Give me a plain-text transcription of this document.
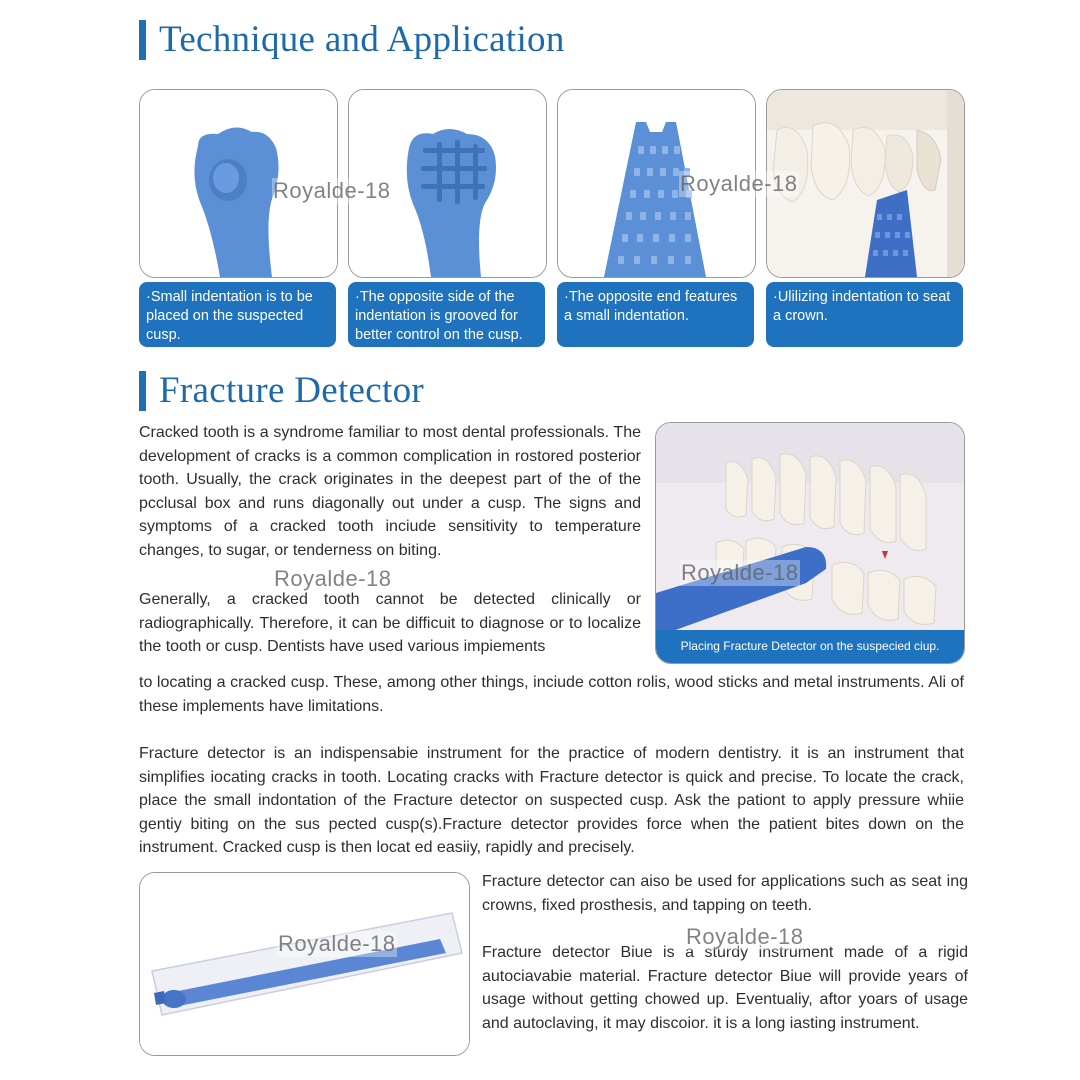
Technique and Application
·Small indentation is to be placed on the suspected cusp.
·The opposite side of the indentation is grooved for better control on the cusp.
·The opposite end features a small indentation.
·Ulilizing indentation to seat a crown.
Fracture Detector

Cracked tooth is a syndrome familiar to most dental professionals. The development of cracks is a common complication in rostored posterior tooth. Usually, the crack originates in the deepest part of the of the pcclusal box and runs diagonally out under a cusp. The signs and symptoms of a cracked tooth inciude sensitivity to temperature changes, to sugar, or tenderness on biting.

Generally, a cracked tooth cannot be detected clinically or radiographically. Therefore, it can be difficuit to diagnose or to localize the tooth or cusp. Dentists have used various impiements	Placing Fracture Detector on the suspecied ciup.

to locating a cracked cusp. These, among other things, inciude cotton rolis, wood sticks and metal instruments. Ali of these implements have limitations.

Fracture detector is an indispensabie instrument for the practice of modern dentistry. it is an instrument that simplifies iocating cracks in tooth. Locating cracks with Fracture detector is quick and precise. To locate the crack, place the small indontation of the Fracture detector on suspected cusp. Ask the pationt to apply pressure whiie gentiy biting on the sus pected cusp(s).Fracture detector provides force when the patient bites down on the instrument. Cracked cusp is then locat ed easiiy, rapidly and precisely.

Fracture detector can aiso be used for applications such as seat ing crowns, fixed prosthesis, and tapping on teeth.

Fracture detector Biue is a sturdy instrument made of a rigid autociavabie material. Fracture detector Biue will provide years of usage without getting chowed up. Eventualiy, aftor yoars of usage and autoclaving, it may discoior. it is a long iasting instrument.

Royalde-18	Royalde-18
Royalde-18	Royalde-18
Royalde-18	Royalde-18
